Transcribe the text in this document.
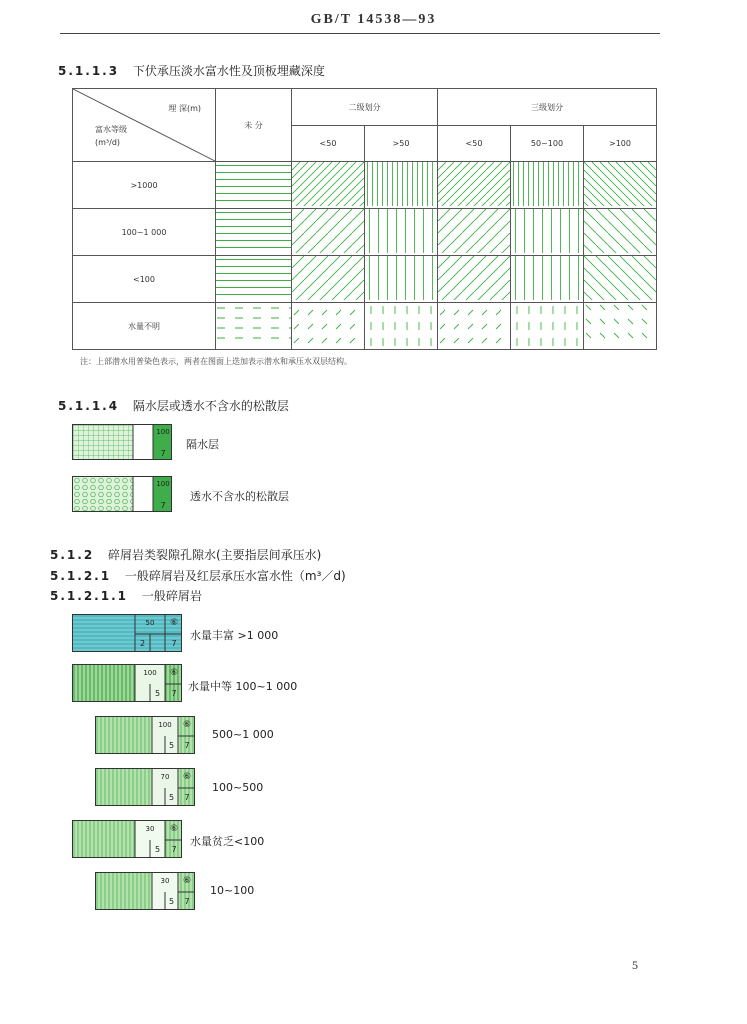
GB/T 14538—93
5.1.1.3 下伏承压淡水富水性及顶板埋藏深度
埋 深(m)
富水等级
(m³/d)	未 分	二级划分		三级划分		
		<50	>50	<50	50~100	>100
>1000						
100~1 000						
<100						
水量不明						
注：上部潜水用普染色表示，两者在图面上迭加表示潜水和承压水双层结构。
5.1.1.4 隔水层或透水不含水的松散层
100
7
隔水层
100
7
透水不含水的松散层
5.1.2 碎屑岩类裂隙孔隙水(主要指层间承压水)
5.1.2.1 一般碎屑岩及红层承压水富水性（m³／d)
5.1.2.1.1 一般碎屑岩
50	⑥
2	7
水量丰富 >1 000
100	⑥
5	7
水量中等 100~1 000
100	⑥
5	7
500~1 000
70	⑥
5	7
100~500
30	⑥
5	7
水量贫乏<100
30	⑥
5	7
10~100
5
